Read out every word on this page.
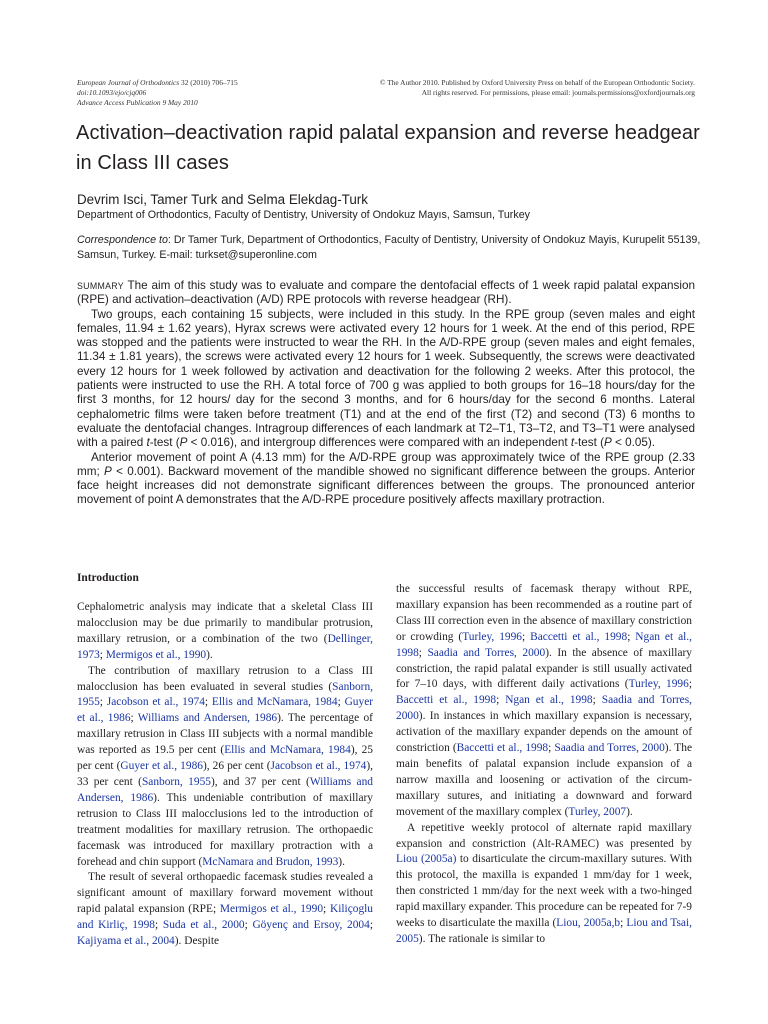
European Journal of Orthodontics 32 (2010) 706–715
doi:10.1093/ejo/cjq006
Advance Access Publication 9 May 2010
© The Author 2010. Published by Oxford University Press on behalf of the European Orthodontic Society.
All rights reserved. For permissions, please email: journals.permissions@oxfordjournals.org
Activation–deactivation rapid palatal expansion and reverse headgear in Class III cases
Devrim Isci, Tamer Turk and Selma Elekdag-Turk
Department of Orthodontics, Faculty of Dentistry, University of Ondokuz Mayıs, Samsun, Turkey
Correspondence to: Dr Tamer Turk, Department of Orthodontics, Faculty of Dentistry, University of Ondokuz Mayis, Kurupelit 55139, Samsun, Turkey. E-mail: turkset@superonline.com

SUMMARY The aim of this study was to evaluate and compare the dentofacial effects of 1 week rapid palatal expansion (RPE) and activation–deactivation (A/D) RPE protocols with reverse headgear (RH).

Two groups, each containing 15 subjects, were included in this study. In the RPE group (seven males and eight females, 11.94 ± 1.62 years), Hyrax screws were activated every 12 hours for 1 week. At the end of this period, RPE was stopped and the patients were instructed to wear the RH. In the A/D-RPE group (seven males and eight females, 11.34 ± 1.81 years), the screws were activated every 12 hours for 1 week. Subsequently, the screws were deactivated every 12 hours for 1 week followed by activation and deactivation for the following 2 weeks. After this protocol, the patients were instructed to use the RH. A total force of 700 g was applied to both groups for 16–18 hours/day for the first 3 months, for 12 hours/ day for the second 3 months, and for 6 hours/day for the second 6 months. Lateral cephalometric films were taken before treatment (T1) and at the end of the first (T2) and second (T3) 6 months to evaluate the dentofacial changes. Intragroup differences of each landmark at T2–T1, T3–T2, and T3–T1 were analysed with a paired t-test (P < 0.016), and intergroup differences were compared with an independent t-test (P < 0.05).

Anterior movement of point A (4.13 mm) for the A/D-RPE group was approximately twice of the RPE group (2.33 mm; P < 0.001). Backward movement of the mandible showed no significant difference between the groups. Anterior face height increases did not demonstrate significant differences between the groups. The pronounced anterior movement of point A demonstrates that the A/D-RPE procedure positively affects maxillary protraction.

Introduction

Cephalometric analysis may indicate that a skeletal Class III malocclusion may be due primarily to mandibular protrusion, maxillary retrusion, or a combination of the two (Dellinger, 1973; Mermigos et al., 1990).

The contribution of maxillary retrusion to a Class III malocclusion has been evaluated in several studies (Sanborn, 1955; Jacobson et al., 1974; Ellis and McNamara, 1984; Guyer et al., 1986; Williams and Andersen, 1986). The percentage of maxillary retrusion in Class III subjects with a normal mandible was reported as 19.5 per cent (Ellis and McNamara, 1984), 25 per cent (Guyer et al., 1986), 26 per cent (Jacobson et al., 1974), 33 per cent (Sanborn, 1955), and 37 per cent (Williams and Andersen, 1986). This undeniable contribution of maxillary retrusion to Class III malocclusions led to the introduction of treatment modalities for maxillary retrusion. The orthopaedic facemask was introduced for maxillary protraction with a forehead and chin support (McNamara and Brudon, 1993).

The result of several orthopaedic facemask studies revealed a significant amount of maxillary forward movement without rapid palatal expansion (RPE; Mermigos et al., 1990; Kiliçoglu and Kirliç, 1998; Suda et al., 2000; Göyenç and Ersoy, 2004; Kajiyama et al., 2004). Despite

the successful results of facemask therapy without RPE, maxillary expansion has been recommended as a routine part of Class III correction even in the absence of maxillary constriction or crowding (Turley, 1996; Baccetti et al., 1998; Ngan et al., 1998; Saadia and Torres, 2000). In the absence of maxillary constriction, the rapid palatal expander is still usually activated for 7–10 days, with different daily activations (Turley, 1996; Baccetti et al., 1998; Ngan et al., 1998; Saadia and Torres, 2000). In instances in which maxillary expansion is necessary, activation of the maxillary expander depends on the amount of constriction (Baccetti et al., 1998; Saadia and Torres, 2000). The main benefits of palatal expansion include expansion of a narrow maxilla and loosening or activation of the circum-maxillary sutures, and initiating a downward and forward movement of the maxillary complex (Turley, 2007).

A repetitive weekly protocol of alternate rapid maxillary expansion and constriction (Alt-RAMEC) was presented by Liou (2005a) to disarticulate the circum-maxillary sutures. With this protocol, the maxilla is expanded 1 mm/day for 1 week, then constricted 1 mm/day for the next week with a two-hinged rapid maxillary expander. This procedure can be repeated for 7-9 weeks to disarticulate the maxilla (Liou, 2005a,b; Liou and Tsai, 2005). The rationale is similar to
